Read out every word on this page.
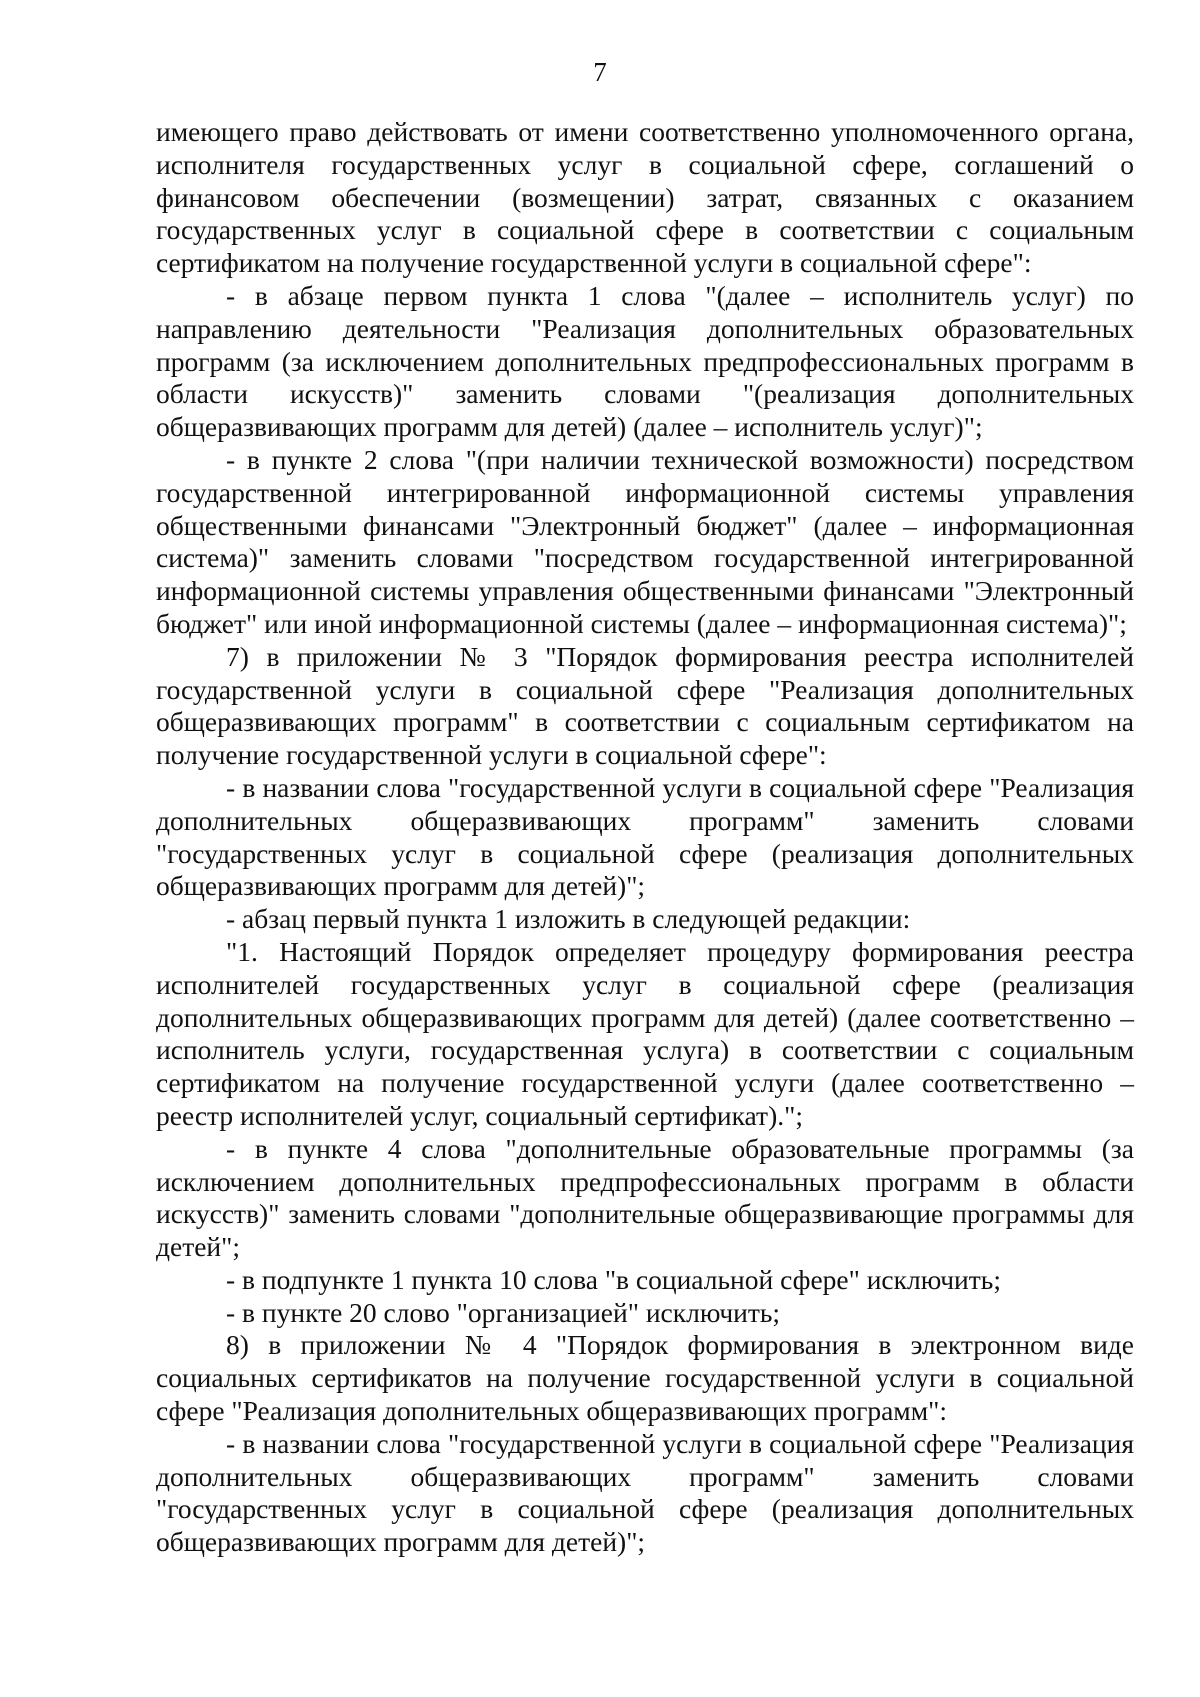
7

имеющего право действовать от имени соответственно уполномоченного органа, исполнителя государственных услуг в социальной сфере, соглашений о финансовом обеспечении (возмещении) затрат, связанных с оказанием государственных услуг в социальной сфере в соответствии с социальным сертификатом на получение государственной услуги в социальной сфере":

- в абзаце первом пункта 1 слова "(далее – исполнитель услуг) по направлению деятельности "Реализация дополнительных образовательных программ (за исключением дополнительных предпрофессиональных программ в области искусств)" заменить словами "(реализация дополнительных общеразвивающих программ для детей) (далее – исполнитель услуг)";

- в пункте 2 слова "(при наличии технической возможности) посредством государственной интегрированной информационной системы управления общественными финансами "Электронный бюджет" (далее – информационная система)" заменить словами "посредством государственной интегрированной информационной системы управления общественными финансами "Электронный бюджет" или иной информационной системы (далее – информационная система)";

7) в приложении № 3 "Порядок формирования реестра исполнителей государственной услуги в социальной сфере "Реализация дополнительных общеразвивающих программ" в соответствии с социальным сертификатом на получение государственной услуги в социальной сфере":

- в названии слова "государственной услуги в социальной сфере "Реализация дополнительных общеразвивающих программ" заменить словами "государственных услуг в социальной сфере (реализация дополнительных общеразвивающих программ для детей)";

- абзац первый пункта 1 изложить в следующей редакции:

"1. Настоящий Порядок определяет процедуру формирования реестра исполнителей государственных услуг в социальной сфере (реализация дополнительных общеразвивающих программ для детей) (далее соответственно – исполнитель услуги, государственная услуга) в соответствии с социальным сертификатом на получение государственной услуги (далее соответственно – реестр исполнителей услуг, социальный сертификат).";

- в пункте 4 слова "дополнительные образовательные программы (за исключением дополнительных предпрофессиональных программ в области искусств)" заменить словами "дополнительные общеразвивающие программы для детей";

- в подпункте 1 пункта 10 слова "в социальной сфере" исключить;

- в пункте 20 слово "организацией" исключить;

8) в приложении № 4 "Порядок формирования в электронном виде социальных сертификатов на получение государственной услуги в социальной сфере "Реализация дополнительных общеразвивающих программ":

- в названии слова "государственной услуги в социальной сфере "Реализация дополнительных общеразвивающих программ" заменить словами "государственных услуг в социальной сфере (реализация дополнительных общеразвивающих программ для детей)";
